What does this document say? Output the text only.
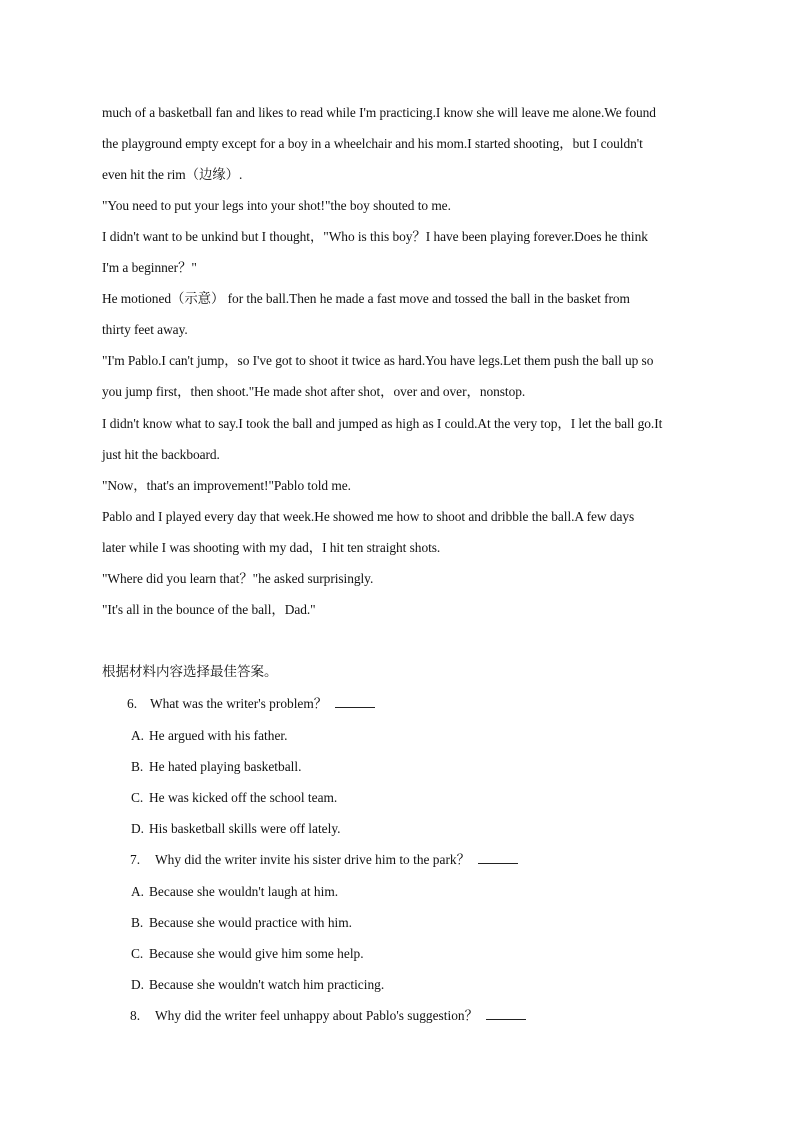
much of a basketball fan and likes to read while I'm practicing.I know she will leave me alone.We found
the playground empty except for a boy in a wheelchair and his mom.I started shooting，but I couldn't
even hit the rim（边缘）.
"You need to put your legs into your shot!"the boy shouted to me.
I didn't want to be unkind but I thought，"Who is this boy？I have been playing forever.Does he think
I'm a beginner？"
He motioned（示意） for the ball.Then he made a fast move and tossed the ball in the basket from
thirty feet away.
"I'm Pablo.I can't jump，so I've got to shoot it twice as hard.You have legs.Let them push the ball up so
you jump first，then shoot."He made shot after shot，over and over，nonstop.
I didn't know what to say.I took the ball and jumped as high as I could.At the very top，I let the ball go.It
just hit the backboard.
"Now，that's an improvement!"Pablo told me.
Pablo and I played every day that week.He showed me how to shoot and dribble the ball.A few days
later while I was shooting with my dad，I hit ten straight shots.
"Where did you learn that？"he asked surprisingly.
"It's all in the bounce of the ball，Dad."
根据材料内容选择最佳答案。
6. What was the writer's problem？
A. He argued with his father.
B. He hated playing basketball.
C. He was kicked off the school team.
D. His basketball skills were off lately.
7. Why did the writer invite his sister drive him to the park？
A. Because she wouldn't laugh at him.
B. Because she would practice with him.
C. Because she would give him some help.
D. Because she wouldn't watch him practicing.
8. Why did the writer feel unhappy about Pablo's suggestion？
